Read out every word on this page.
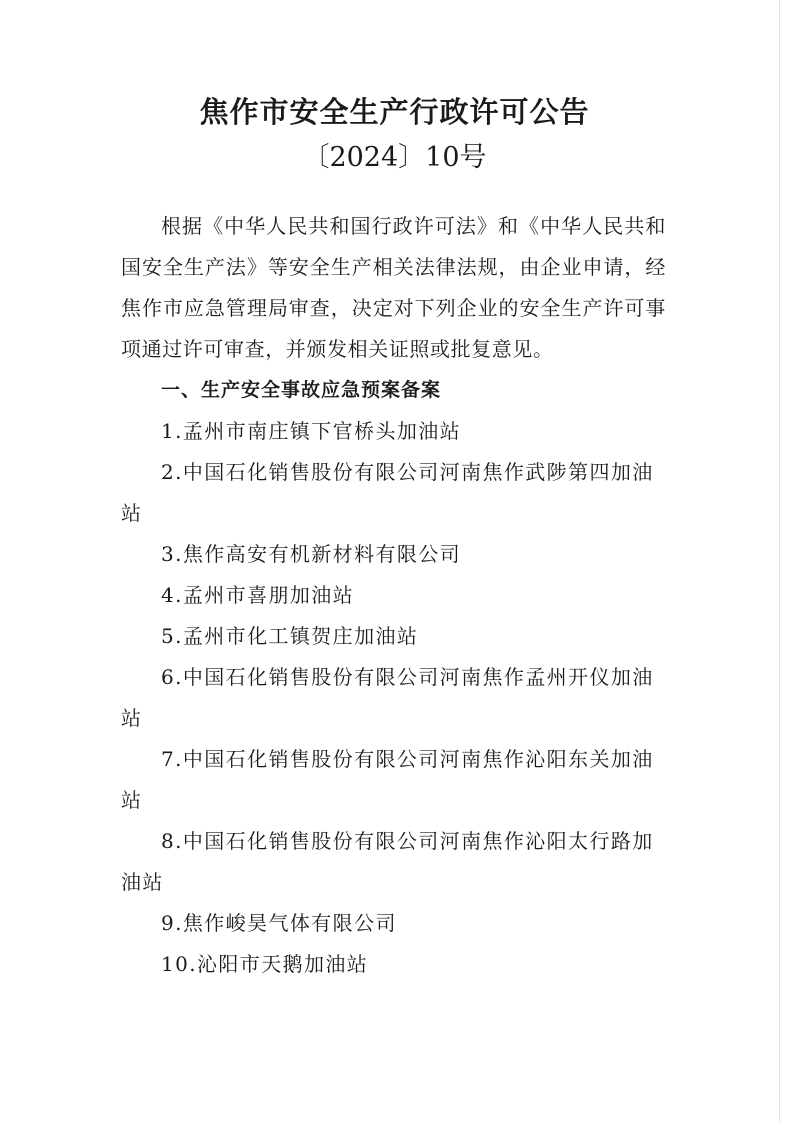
焦作市安全生产行政许可公告
〔2024〕10号

根据《中华人民共和国行政许可法》和《中华人民共和国安全生产法》等安全生产相关法律法规，由企业申请，经焦作市应急管理局审查，决定对下列企业的安全生产许可事项通过许可审查，并颁发相关证照或批复意见。

一、生产安全事故应急预案备案

1.孟州市南庄镇下官桥头加油站
2.中国石化销售股份有限公司河南焦作武陟第四加油站
3.焦作高安有机新材料有限公司
4.孟州市喜朋加油站
5.孟州市化工镇贺庄加油站
6.中国石化销售股份有限公司河南焦作孟州开仪加油站
7.中国石化销售股份有限公司河南焦作沁阳东关加油站
8.中国石化销售股份有限公司河南焦作沁阳太行路加油站
9.焦作峻昊气体有限公司
10.沁阳市天鹅加油站
